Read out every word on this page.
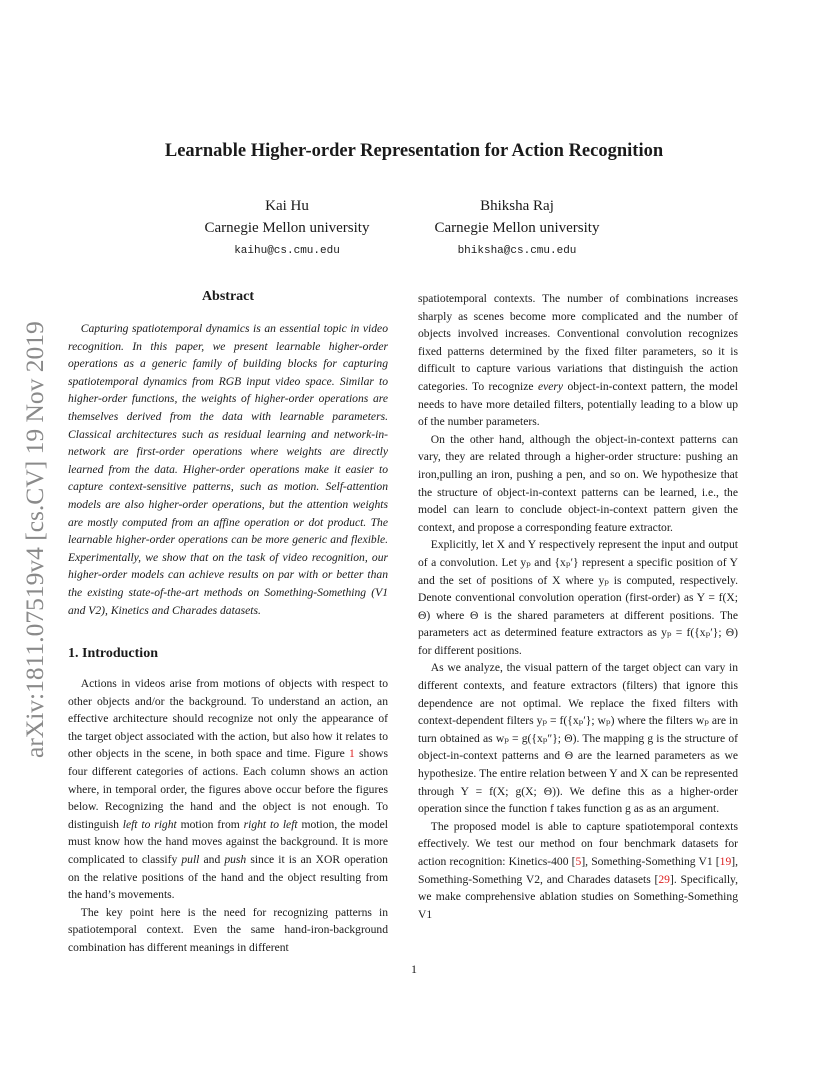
arXiv:1811.07519v4 [cs.CV] 19 Nov 2019
Learnable Higher-order Representation for Action Recognition
Kai Hu
Carnegie Mellon university
kaihu@cs.cmu.edu
Bhiksha Raj
Carnegie Mellon university
bhiksha@cs.cmu.edu
Abstract

Capturing spatiotemporal dynamics is an essential topic in video recognition. In this paper, we present learnable higher-order operations as a generic family of building blocks for capturing spatiotemporal dynamics from RGB input video space. Similar to higher-order functions, the weights of higher-order operations are themselves derived from the data with learnable parameters. Classical architectures such as residual learning and network-in-network are first-order operations where weights are directly learned from the data. Higher-order operations make it easier to capture context-sensitive patterns, such as motion. Self-attention models are also higher-order operations, but the attention weights are mostly computed from an affine operation or dot product. The learnable higher-order operations can be more generic and flexible. Experimentally, we show that on the task of video recognition, our higher-order models can achieve results on par with or better than the existing state-of-the-art methods on Something-Something (V1 and V2), Kinetics and Charades datasets.

1. Introduction

Actions in videos arise from motions of objects with respect to other objects and/or the background. To understand an action, an effective architecture should recognize not only the appearance of the target object associated with the action, but also how it relates to other objects in the scene, in both space and time. Figure 1 shows four different categories of actions. Each column shows an action where, in temporal order, the figures above occur before the figures below. Recognizing the hand and the object is not enough. To distinguish left to right motion from right to left motion, the model must know how the hand moves against the background. It is more complicated to classify pull and push since it is an XOR operation on the relative positions of the hand and the object resulting from the hand’s movements.

The key point here is the need for recognizing patterns in spatiotemporal context. Even the same hand-iron-background combination has different meanings in different

spatiotemporal contexts. The number of combinations increases sharply as scenes become more complicated and the number of objects involved increases. Conventional convolution recognizes fixed patterns determined by the fixed filter parameters, so it is difficult to capture various variations that distinguish the action categories. To recognize every object-in-context pattern, the model needs to have more detailed filters, potentially leading to a blow up of the number parameters.

On the other hand, although the object-in-context patterns can vary, they are related through a higher-order structure: pushing an iron,pulling an iron, pushing a pen, and so on. We hypothesize that the structure of object-in-context patterns can be learned, i.e., the model can learn to conclude object-in-context pattern given the context, and propose a corresponding feature extractor.

Explicitly, let X and Y respectively represent the input and output of a convolution. Let yₚ and {xₚ′} represent a specific position of Y and the set of positions of X where yₚ is computed, respectively. Denote conventional convolution operation (first-order) as Y = f(X; Θ) where Θ is the shared parameters at different positions. The parameters act as determined feature extractors as yₚ = f({xₚ′}; Θ) for different positions.

As we analyze, the visual pattern of the target object can vary in different contexts, and feature extractors (filters) that ignore this dependence are not optimal. We replace the fixed filters with context-dependent filters yₚ = f({xₚ′}; wₚ) where the filters wₚ are in turn obtained as wₚ = g({xₚ″}; Θ). The mapping g is the structure of object-in-context patterns and Θ are the learned parameters as we hypothesize. The entire relation between Y and X can be represented through Y = f(X; g(X; Θ)). We define this as a higher-order operation since the function f takes function g as as an argument.

The proposed model is able to capture spatiotemporal contexts effectively. We test our method on four benchmark datasets for action recognition: Kinetics-400 [5], Something-Something V1 [19], Something-Something V2, and Charades datasets [29]. Specifically, we make comprehensive ablation studies on Something-Something V1

1
